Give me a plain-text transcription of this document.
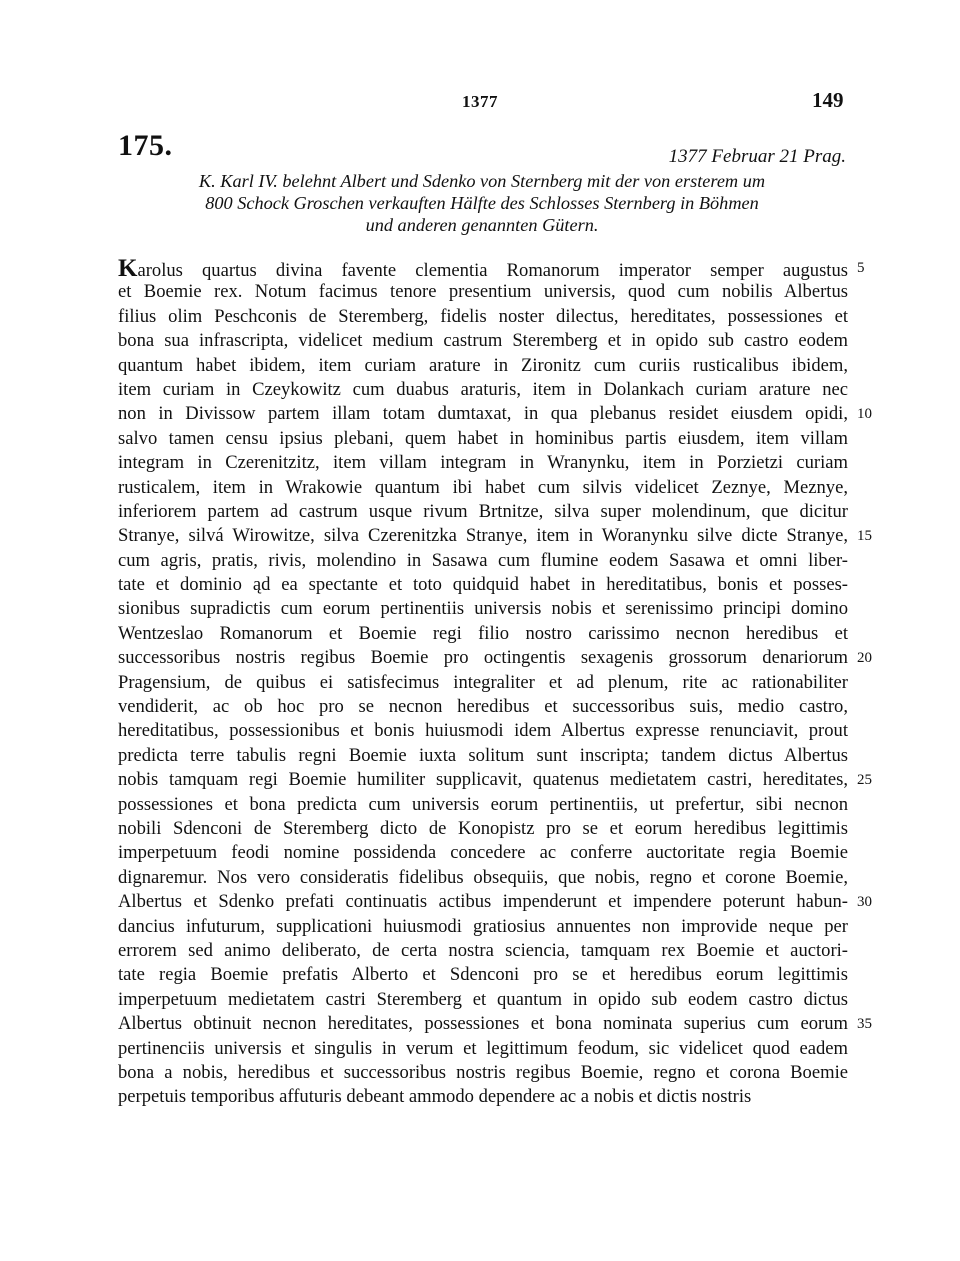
1377	149
175.	1377 Februar 21 Prag.
K. Karl IV. belehnt Albert und Sdenko von Sternberg mit der von ersterem um
800 Schock Groschen verkauften Hälfte des Schlosses Sternberg in Böhmen
und anderen genannten Gütern.
Karolus quartus divina favente clementia Romanorum imperator semper augustus
et Boemie rex. Notum facimus tenore presentium universis, quod cum nobilis Albertus
filius olim Peschconis de Steremberg, fidelis noster dilectus, hereditates, possessiones et
bona sua infrascripta, videlicet medium castrum Steremberg et in opido sub castro eodem
quantum habet ibidem, item curiam arature in Zironitz cum curiis rusticalibus ibidem,
item curiam in Czeykowitz cum duabus araturis, item in Dolankach curiam arature nec
non in Divissow partem illam totam dumtaxat, in qua plebanus residet eiusdem opidi,
salvo tamen censu ipsius plebani, quem habet in hominibus partis eiusdem, item villam
integram in Czerenitzitz, item villam integram in Wranynku, item in Porzietzi curiam
rusticalem, item in Wrakowie quantum ibi habet cum silvis videlicet Zeznye, Meznye,
inferiorem partem ad castrum usque rivum Brtnitze, silva super molendinum, que dicitur
Stranye, silvá Wirowitze, silva Czerenitzka Stranye, item in Woranynku silve dicte Stranye,
cum agris, pratis, rivis, molendino in Sasawa cum flumine eodem Sasawa et omni liber-
tate et dominio ąd ea spectante et toto quidquid habet in hereditatibus, bonis et posses-
sionibus supradictis cum eorum pertinentiis universis nobis et serenissimo principi domino
Wentzeslao Romanorum et Boemie regi filio nostro carissimo necnon heredibus et
successoribus nostris regibus Boemie pro octingentis sexagenis grossorum denariorum
Pragensium, de quibus ei satisfecimus integraliter et ad plenum, rite ac rationabiliter
vendiderit, ac ob hoc pro se necnon heredibus et successoribus suis, medio castro,
hereditatibus, possessionibus et bonis huiusmodi idem Albertus expresse renunciavit, prout
predicta terre tabulis regni Boemie iuxta solitum sunt inscripta; tandem dictus Albertus
nobis tamquam regi Boemie humiliter supplicavit, quatenus medietatem castri, hereditates,
possessiones et bona predicta cum universis eorum pertinentiis, ut prefertur, sibi necnon
nobili Sdenconi de Steremberg dicto de Konopistz pro se et eorum heredibus legittimis
imperpetuum feodi nomine possidenda concedere ac conferre auctoritate regia Boemie
dignaremur. Nos vero consideratis fidelibus obsequiis, que nobis, regno et corone Boemie,
Albertus et Sdenko prefati continuatis actibus impenderunt et impendere poterunt habun-
dancius infuturum, supplicationi huiusmodi gratiosius annuentes non improvide neque per
errorem sed animo deliberato, de certa nostra sciencia, tamquam rex Boemie et auctori-
tate regia Boemie prefatis Alberto et Sdenconi pro se et heredibus eorum legittimis
imperpetuum medietatem castri Steremberg et quantum in opido sub eodem castro dictus
Albertus obtinuit necnon hereditates, possessiones et bona nominata superius cum eorum
pertinenciis universis et singulis in verum et legittimum feodum, sic videlicet quod eadem
bona a nobis, heredibus et successoribus nostris regibus Boemie, regno et corona Boemie
perpetuis temporibus affuturis debeant ammodo dependere ac a nobis et dictis nostris
5
10
15
20
25
30
35
